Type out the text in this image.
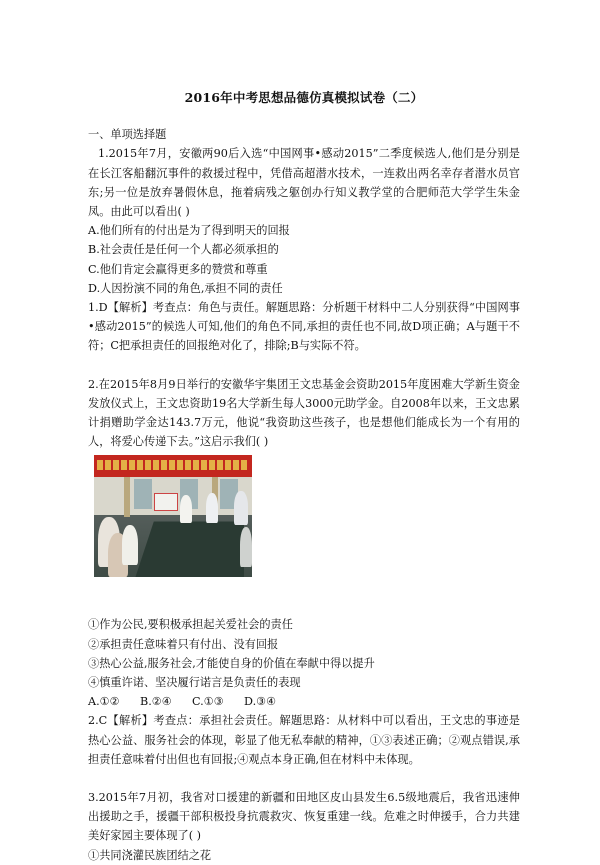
2016年中考思想品德仿真模拟试卷（二）
一、单项选择题
1.2015年7月，安徽两90后入选“中国网事•感动2015”二季度候选人,他们是分别是在长江客船翻沉事件的救援过程中，凭借高超潜水技术，一连救出两名幸存者潜水员官东;另一位是放弃暑假休息，拖着病残之躯创办行知义教学堂的合肥师范大学学生朱金凤。由此可以看出( )
A.他们所有的付出是为了得到明天的回报
B.社会责任是任何一个人都必须承担的
C.他们肯定会赢得更多的赞赏和尊重
D.人因扮演不同的角色,承担不同的责任
1.D【解析】考查点：角色与责任。解题思路：分析题干材料中二人分别获得“中国网事•感动2015”的候选人可知,他们的角色不同,承担的责任也不同,故D项正确；A与题干不符；C把承担责任的回报绝对化了，排除;B与实际不符。
2.在2015年8月9日举行的安徽华宇集团王文忠基金会资助2015年度困难大学新生资金发放仪式上，王文忠资助19名大学新生每人3000元助学金。自2008年以来，王文忠累计捐赠助学金达143.7万元，他说“我资助这些孩子，也是想他们能成长为一个有用的人，将爱心传递下去。”这启示我们( )
①作为公民,要积极承担起关爱社会的责任
②承担责任意味着只有付出、没有回报
③热心公益,服务社会,才能使自身的价值在奉献中得以提升
④慎重许诺、坚决履行诺言是负责任的表现
A.①②	B.②④	C.①③	D.③④
2.C【解析】考查点：承担社会责任。解题思路：从材料中可以看出，王文忠的事迹是热心公益、服务社会的体现，彰显了他无私奉献的精神，①③表述正确；②观点错误,承担责任意味着付出但也有回报;④观点本身正确,但在材料中未体现。
3.2015年7月初，我省对口援建的新疆和田地区皮山县发生6.5级地震后，我省迅速伸出援助之手，援疆干部积极投身抗震救灾、恢复重建一线。危难之时伸援手，合力共建美好家园主要体现了( )
①共同浇灌民族团结之花
